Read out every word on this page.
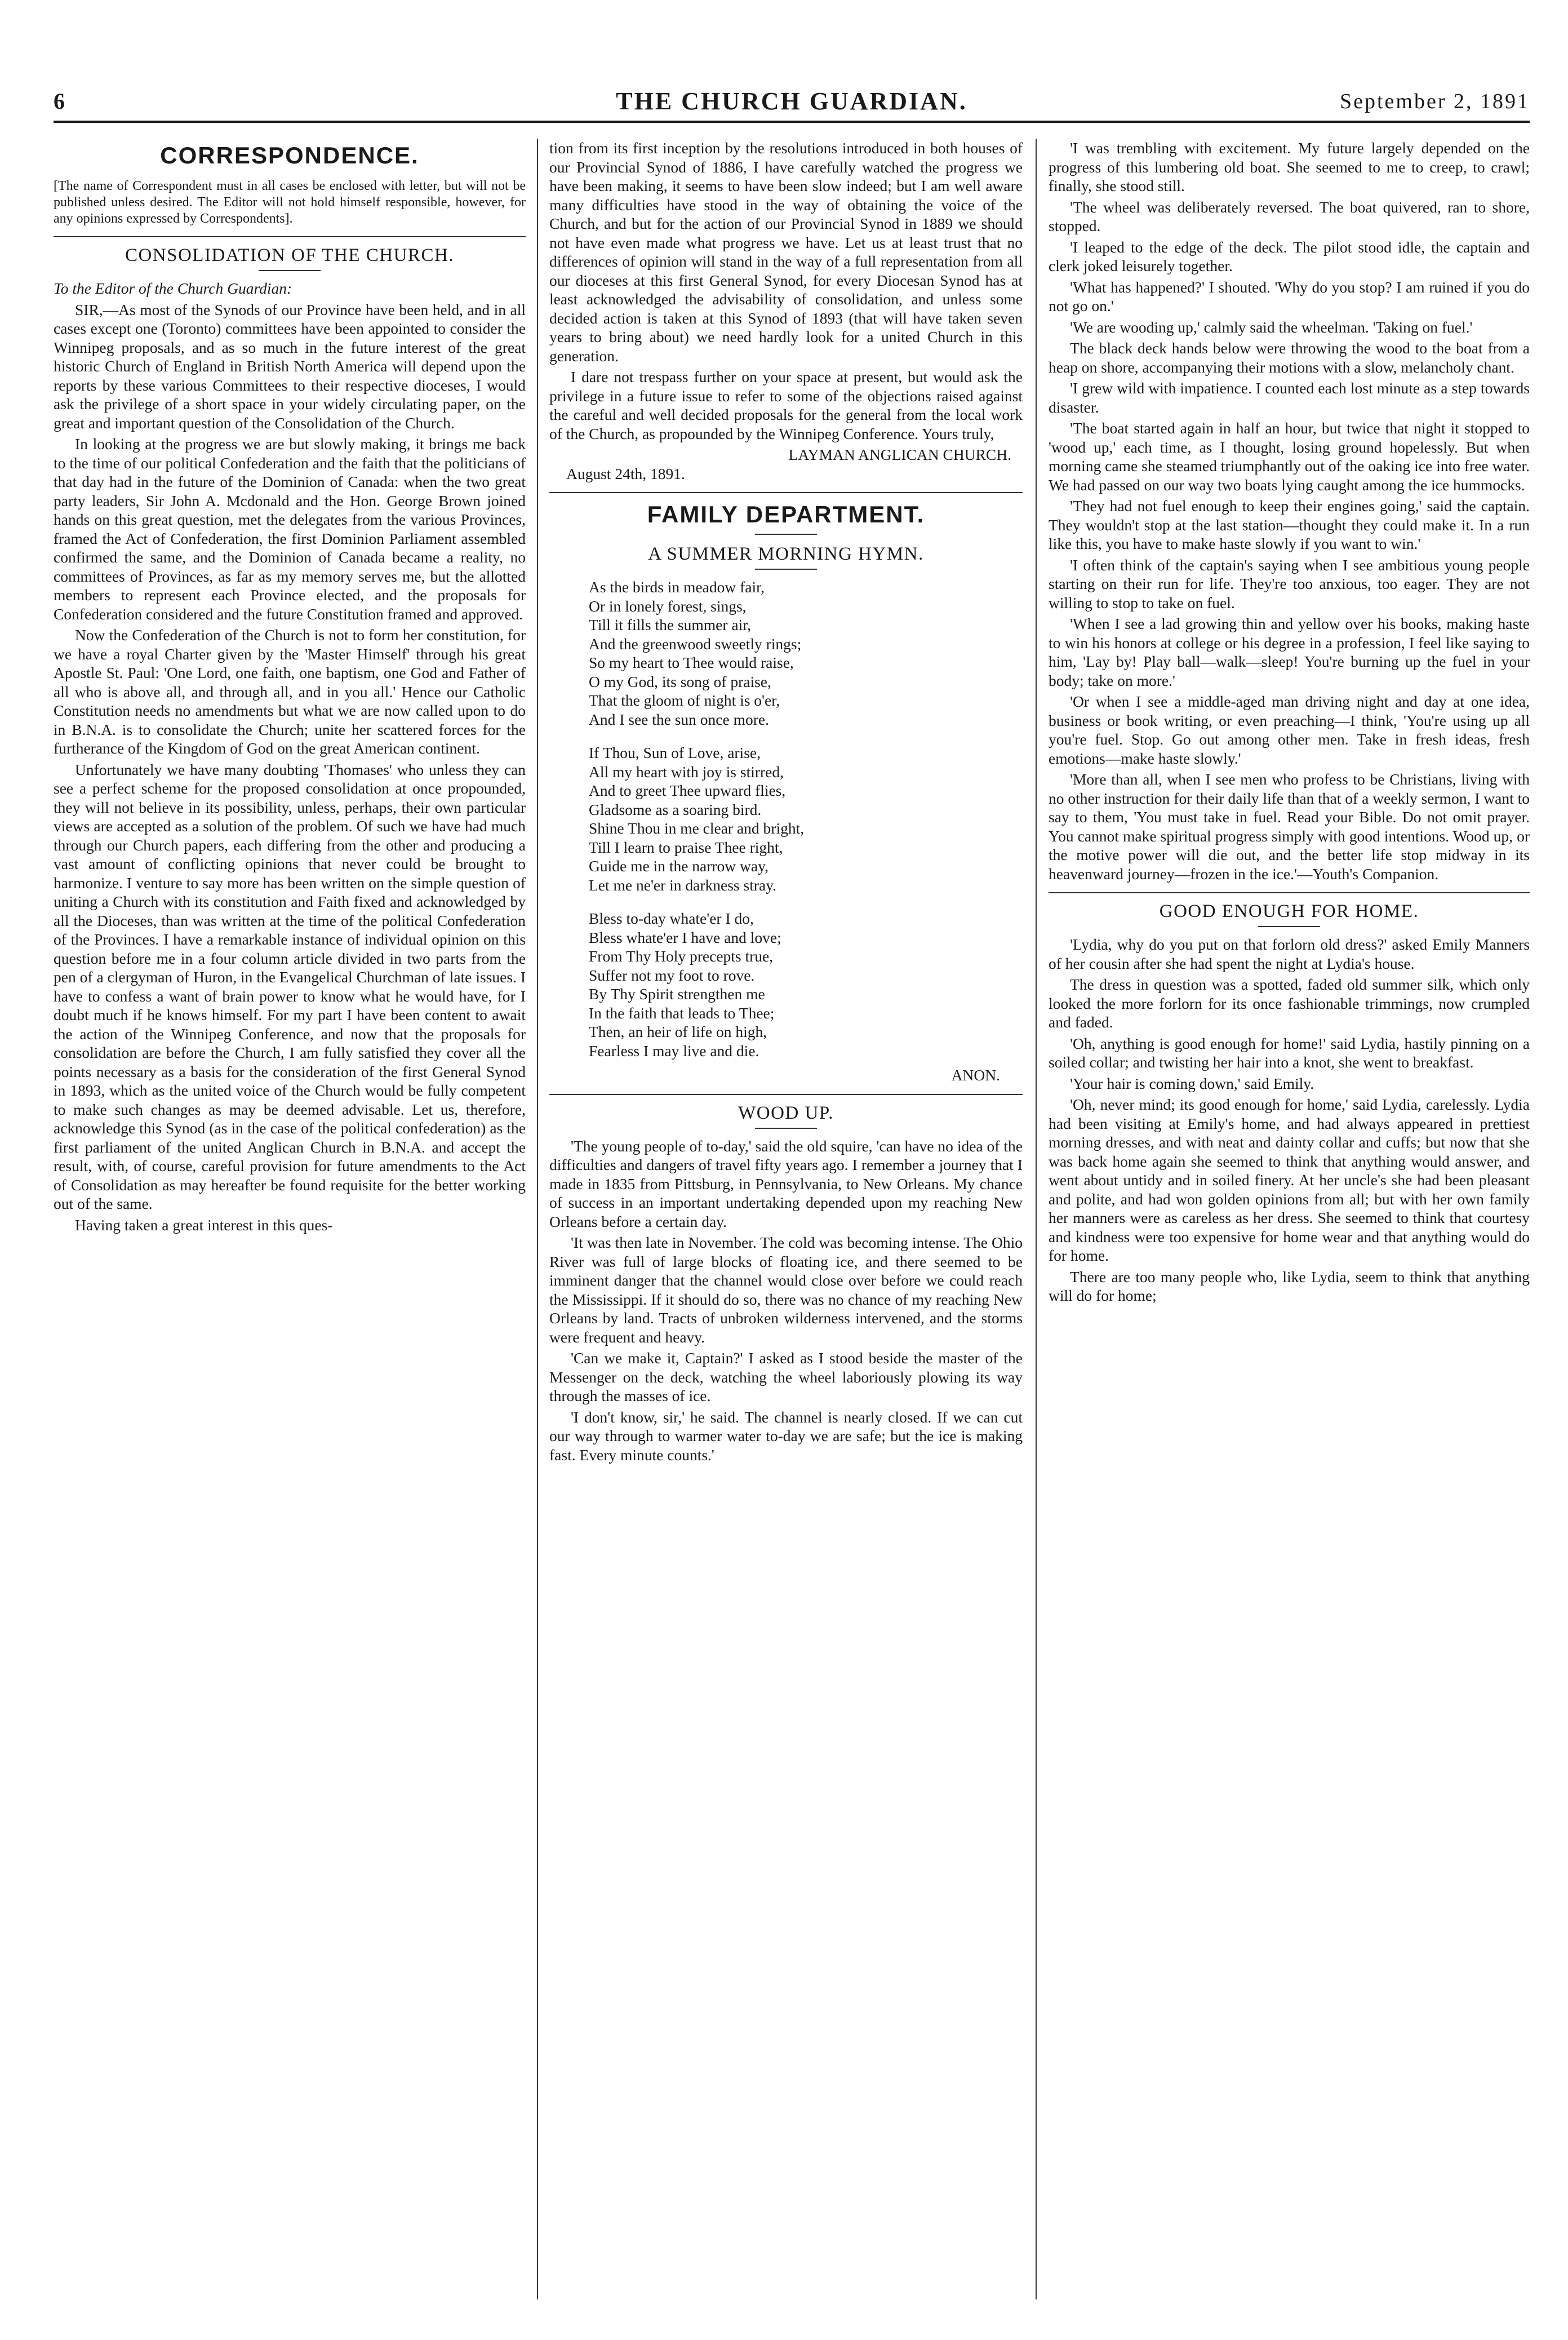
6	THE CHURCH GUARDIAN.	September 2, 1891
CORRESPONDENCE.

[The name of Correspondent must in all cases be enclosed with letter, but will not be published unless desired. The Editor will not hold himself responsible, however, for any opinions expressed by Correspondents].

CONSOLIDATION OF THE CHURCH.

To the Editor of the Church Guardian:

SIR,—As most of the Synods of our Province have been held, and in all cases except one (Toronto) committees have been appointed to consider the Winnipeg proposals, and as so much in the future interest of the great historic Church of England in British North America will depend upon the reports by these various Committees to their respective dioceses, I would ask the privilege of a short space in your widely circulating paper, on the great and important question of the Consolidation of the Church.

In looking at the progress we are but slowly making, it brings me back to the time of our political Confederation and the faith that the politicians of that day had in the future of the Dominion of Canada: when the two great party leaders, Sir John A. Mcdonald and the Hon. George Brown joined hands on this great question, met the delegates from the various Provinces, framed the Act of Confederation, the first Dominion Parliament assembled confirmed the same, and the Dominion of Canada became a reality, no committees of Provinces, as far as my memory serves me, but the allotted members to represent each Province elected, and the proposals for Confederation considered and the future Constitution framed and approved.

Now the Confederation of the Church is not to form her constitution, for we have a royal Charter given by the 'Master Himself' through his great Apostle St. Paul: 'One Lord, one faith, one baptism, one God and Father of all who is above all, and through all, and in you all.' Hence our Catholic Constitution needs no amendments but what we are now called upon to do in B.N.A. is to consolidate the Church; unite her scattered forces for the furtherance of the Kingdom of God on the great American continent.

Unfortunately we have many doubting 'Thomases' who unless they can see a perfect scheme for the proposed consolidation at once propounded, they will not believe in its possibility, unless, perhaps, their own particular views are accepted as a solution of the problem. Of such we have had much through our Church papers, each differing from the other and producing a vast amount of conflicting opinions that never could be brought to harmonize. I venture to say more has been written on the simple question of uniting a Church with its constitution and Faith fixed and acknowledged by all the Dioceses, than was written at the time of the political Confederation of the Provinces. I have a remarkable instance of individual opinion on this question before me in a four column article divided in two parts from the pen of a clergyman of Huron, in the Evangelical Churchman of late issues. I have to confess a want of brain power to know what he would have, for I doubt much if he knows himself. For my part I have been content to await the action of the Winnipeg Conference, and now that the proposals for consolidation are before the Church, I am fully satisfied they cover all the points necessary as a basis for the consideration of the first General Synod in 1893, which as the united voice of the Church would be fully competent to make such changes as may be deemed advisable. Let us, therefore, acknowledge this Synod (as in the case of the political confederation) as the first parliament of the united Anglican Church in B.N.A. and accept the result, with, of course, careful provision for future amendments to the Act of Consolidation as may hereafter be found requisite for the better working out of the same.

Having taken a great interest in this ques-

tion from its first inception by the resolutions introduced in both houses of our Provincial Synod of 1886, I have carefully watched the progress we have been making, it seems to have been slow indeed; but I am well aware many difficulties have stood in the way of obtaining the voice of the Church, and but for the action of our Provincial Synod in 1889 we should not have even made what progress we have. Let us at least trust that no differences of opinion will stand in the way of a full representation from all our dioceses at this first General Synod, for every Diocesan Synod has at least acknowledged the advisability of consolidation, and unless some decided action is taken at this Synod of 1893 (that will have taken seven years to bring about) we need hardly look for a united Church in this generation.

I dare not trespass further on your space at present, but would ask the privilege in a future issue to refer to some of the objections raised against the careful and well decided proposals for the general from the local work of the Church, as propounded by the Winnipeg Conference. Yours truly,

LAYMAN ANGLICAN CHURCH.

August 24th, 1891.

FAMILY DEPARTMENT.
A SUMMER MORNING HYMN.
As the birds in meadow fair,
Or in lonely forest, sings,
Till it fills the summer air,
And the greenwood sweetly rings;
So my heart to Thee would raise,
O my God, its song of praise,
That the gloom of night is o'er,
And I see the sun once more.
If Thou, Sun of Love, arise,
All my heart with joy is stirred,
And to greet Thee upward flies,
Gladsome as a soaring bird.
Shine Thou in me clear and bright,
Till I learn to praise Thee right,
Guide me in the narrow way,
Let me ne'er in darkness stray.
Bless to-day whate'er I do,
Bless whate'er I have and love;
From Thy Holy precepts true,
Suffer not my foot to rove.
By Thy Spirit strengthen me
In the faith that leads to Thee;
Then, an heir of life on high,
Fearless I may live and die.

ANON.

WOOD UP.

'The young people of to-day,' said the old squire, 'can have no idea of the difficulties and dangers of travel fifty years ago. I remember a journey that I made in 1835 from Pittsburg, in Pennsylvania, to New Orleans. My chance of success in an important undertaking depended upon my reaching New Orleans before a certain day.

'It was then late in November. The cold was becoming intense. The Ohio River was full of large blocks of floating ice, and there seemed to be imminent danger that the channel would close over before we could reach the Mississippi. If it should do so, there was no chance of my reaching New Orleans by land. Tracts of unbroken wilderness intervened, and the storms were frequent and heavy.

'Can we make it, Captain?' I asked as I stood beside the master of the Messenger on the deck, watching the wheel laboriously plowing its way through the masses of ice.

'I don't know, sir,' he said. The channel is nearly closed. If we can cut our way through to warmer water to-day we are safe; but the ice is making fast. Every minute counts.'

'I was trembling with excitement. My future largely depended on the progress of this lumbering old boat. She seemed to me to creep, to crawl; finally, she stood still.

'The wheel was deliberately reversed. The boat quivered, ran to shore, stopped.

'I leaped to the edge of the deck. The pilot stood idle, the captain and clerk joked leisurely together.

'What has happened?' I shouted. 'Why do you stop? I am ruined if you do not go on.'

'We are wooding up,' calmly said the wheelman. 'Taking on fuel.'

The black deck hands below were throwing the wood to the boat from a heap on shore, accompanying their motions with a slow, melancholy chant.

'I grew wild with impatience. I counted each lost minute as a step towards disaster.

'The boat started again in half an hour, but twice that night it stopped to 'wood up,' each time, as I thought, losing ground hopelessly. But when morning came she steamed triumphantly out of the oaking ice into free water. We had passed on our way two boats lying caught among the ice hummocks.

'They had not fuel enough to keep their engines going,' said the captain. They wouldn't stop at the last station—thought they could make it. In a run like this, you have to make haste slowly if you want to win.'

'I often think of the captain's saying when I see ambitious young people starting on their run for life. They're too anxious, too eager. They are not willing to stop to take on fuel.

'When I see a lad growing thin and yellow over his books, making haste to win his honors at college or his degree in a profession, I feel like saying to him, 'Lay by! Play ball—walk—sleep! You're burning up the fuel in your body; take on more.'

'Or when I see a middle-aged man driving night and day at one idea, business or book writing, or even preaching—I think, 'You're using up all you're fuel. Stop. Go out among other men. Take in fresh ideas, fresh emotions—make haste slowly.'

'More than all, when I see men who profess to be Christians, living with no other instruction for their daily life than that of a weekly sermon, I want to say to them, 'You must take in fuel. Read your Bible. Do not omit prayer. You cannot make spiritual progress simply with good intentions. Wood up, or the motive power will die out, and the better life stop midway in its heavenward journey—frozen in the ice.'—Youth's Companion.

GOOD ENOUGH FOR HOME.

'Lydia, why do you put on that forlorn old dress?' asked Emily Manners of her cousin after she had spent the night at Lydia's house.

The dress in question was a spotted, faded old summer silk, which only looked the more forlorn for its once fashionable trimmings, now crumpled and faded.

'Oh, anything is good enough for home!' said Lydia, hastily pinning on a soiled collar; and twisting her hair into a knot, she went to breakfast.

'Your hair is coming down,' said Emily.

'Oh, never mind; its good enough for home,' said Lydia, carelessly. Lydia had been visiting at Emily's home, and had always appeared in prettiest morning dresses, and with neat and dainty collar and cuffs; but now that she was back home again she seemed to think that anything would answer, and went about untidy and in soiled finery. At her uncle's she had been pleasant and polite, and had won golden opinions from all; but with her own family her manners were as careless as her dress. She seemed to think that courtesy and kindness were too expensive for home wear and that anything would do for home.

There are too many people who, like Lydia, seem to think that anything will do for home;
